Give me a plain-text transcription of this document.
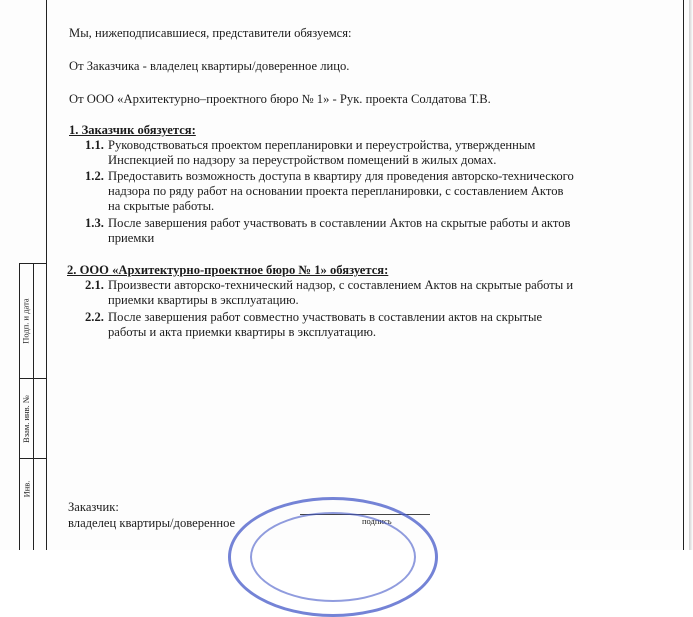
Подп. и дата
Взам. инв. №
Инв.
Мы, нижеподписавшиеся, представители обязуемся:
От Заказчика - владелец квартиры/доверенное лицо.
От ООО «Архитектурно–проектного бюро № 1» - Рук. проекта Солдатова Т.В.
1. Заказчик обязуется:
1.1. Руководствоваться проектом перепланировки и переустройства, утвержденным
Инспекцией по надзору за переустройством помещений в жилых домах.
1.2. Предоставить возможность доступа в квартиру для проведения авторско-технического
надзора по ряду работ на основании проекта перепланировки, с составлением Актов
на скрытые работы.
1.3. После завершения работ участвовать в составлении Актов на скрытые работы и актов
приемки
2. ООО «Архитектурно-проектное бюро № 1» обязуется:
2.1. Произвести авторско-технический надзор, с составлением Актов на скрытые работы и
приемки квартиры в эксплуатацию.
2.2. После завершения работ совместно участвовать в составлении актов на скрытые
работы и акта приемки квартиры в эксплуатацию.
Заказчик:
владелец квартиры/доверенное	подпись
